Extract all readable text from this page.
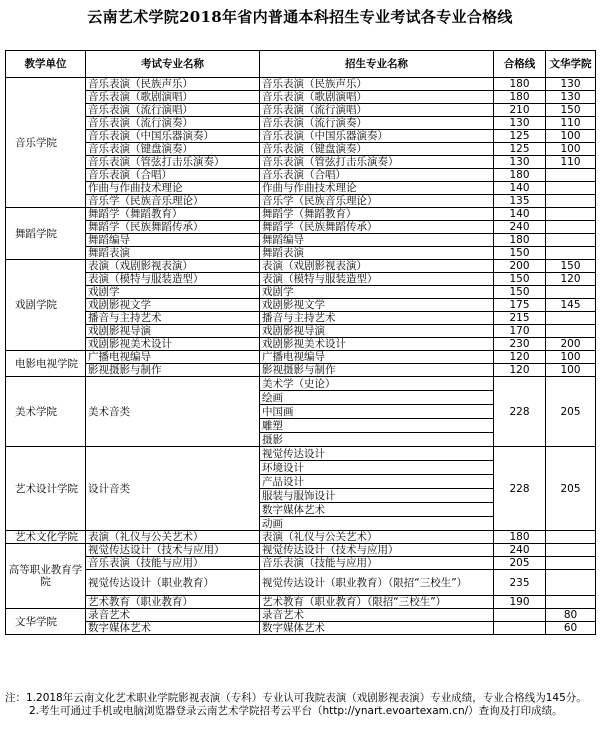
云南艺术学院2018年省内普通本科招生专业考试各专业合格线
教学单位	考试专业名称	招生专业名称	合格线	文华学院
音乐学院	音乐表演（民族声乐）	音乐表演（民族声乐）	180	130
	音乐表演（歌剧演唱）	音乐表演（歌剧演唱）	180	130
	音乐表演（流行演唱）	音乐表演（流行演唱）	210	150
	音乐表演（流行演奏）	音乐表演（流行演奏）	130	110
	音乐表演（中国乐器演奏）	音乐表演（中国乐器演奏）	125	100
	音乐表演（键盘演奏）	音乐表演（键盘演奏）	125	100
	音乐表演（管弦打击乐演奏）	音乐表演（管弦打击乐演奏）	130	110
	音乐表演（合唱）	音乐表演（合唱）	180	
	作曲与作曲技术理论	作曲与作曲技术理论	140	
	音乐学（民族音乐理论）	音乐学（民族音乐理论）	135	
舞蹈学院	舞蹈学（舞蹈教育）	舞蹈学（舞蹈教育）	140	
	舞蹈学（民族舞蹈传承）	舞蹈学（民族舞蹈传承）	240	
	舞蹈编导	舞蹈编导	180	
	舞蹈表演	舞蹈表演	150	
戏剧学院	表演（戏剧影视表演）	表演（戏剧影视表演）	200	150
	表演（模特与服装造型）	表演（模特与服装造型）	150	120
	戏剧学	戏剧学	150	
	戏剧影视文学	戏剧影视文学	175	145
	播音与主持艺术	播音与主持艺术	215	
	戏剧影视导演	戏剧影视导演	170	
	戏剧影视美术设计	戏剧影视美术设计	230	200
电影电视学院	广播电视编导	广播电视编导	120	100
	影视摄影与制作	影视摄影与制作	120	100
美术学院	美术音类	美术学（史论）	228	205
		绘画		
		中国画		
		雕塑		
		摄影		
艺术设计学院	设计音类	视觉传达设计	228	205
		环境设计		
		产品设计		
		服装与服饰设计		
		数字媒体艺术		
		动画		
艺术文化学院	表演（礼仪与公关艺术）	表演（礼仪与公关艺术）	180	
高等职业教育学院	视觉传达设计（技术与应用）	视觉传达设计（技术与应用）	240	
	音乐表演（技能与应用）	音乐表演（技能与应用）	205	
	视觉传达设计（职业教育）	视觉传达设计（职业教育）（限招“三校生”）	235	
	艺术教育（职业教育）	艺术教育（职业教育）（限招“三校生”）	190	
文华学院	录音艺术	录音艺术		80
	数字媒体艺术	数字媒体艺术		60

注：1.2018年云南文化艺术职业学院影视表演（专科）专业认可我院表演（戏剧影视表演）专业成绩，专业合格线为145分。

2.考生可通过手机或电脑浏览器登录云南艺术学院招考云平台（http://ynart.evoartexam.cn/）查询及打印成绩。
